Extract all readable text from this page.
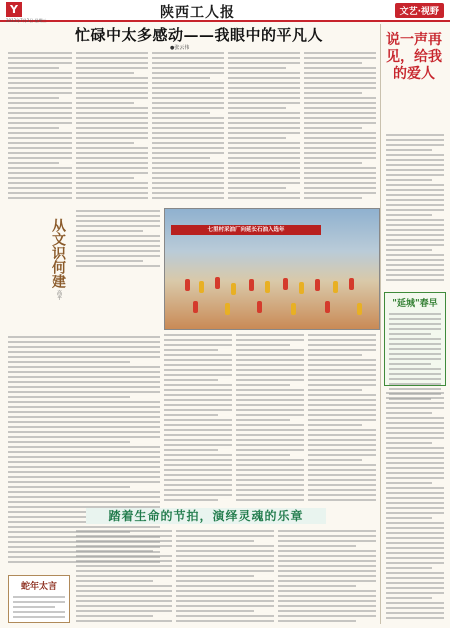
Y	陕西工人报	文艺·视野
2013年7月2日 星期三
忙碌中太多感动——我眼中的平凡人
●张云伟	说一声再见，给我的爱人
"延城"春早
从文识何建
高平
七里村采油厂向延长石油入选年
踏着生命的节拍，演绎灵魂的乐章
蛇年太言
